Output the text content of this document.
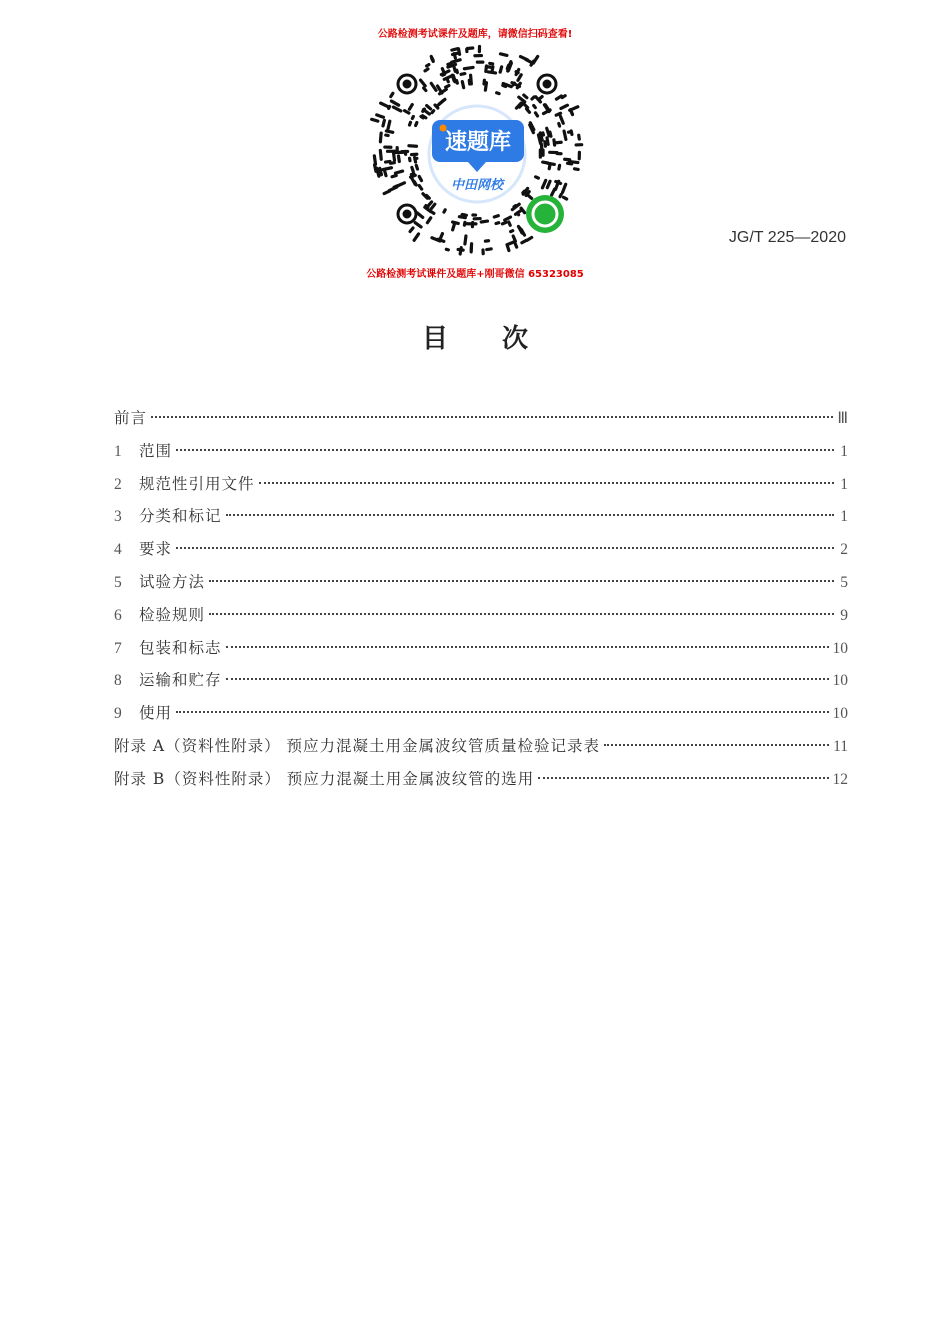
公路检测考试课件及题库，请微信扫码查看!
速题库
中田网校
公路检测考试课件及题库+刚哥微信 65323085
JG/T 225—2020
目次
前言	Ⅲ
1	范围	1
2	规范性引用文件	1
3	分类和标记	1
4	要求	2
5	试验方法	5
6	检验规则	9
7	包装和标志	10
8	运输和贮存	10
9	使用	10
附录 A（资料性附录） 预应力混凝土用金属波纹管质量检验记录表	11
附录 B（资料性附录） 预应力混凝土用金属波纹管的选用	12
